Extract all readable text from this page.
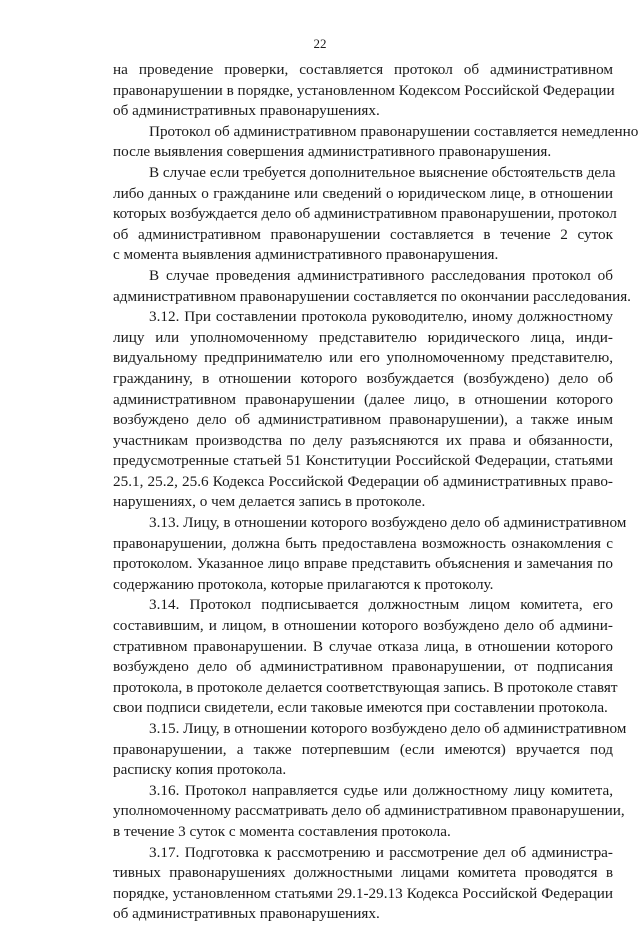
22
на проведение проверки, составляется протокол об административном
правонарушении в порядке, установленном Кодексом Российской Федерации
об административных правонарушениях.
Протокол об административном правонарушении составляется немедленно
после выявления совершения административного правонарушения.
В случае если требуется дополнительное выяснение обстоятельств дела
либо данных о гражданине или сведений о юридическом лице, в отношении
которых возбуждается дело об административном правонарушении, протокол
об административном правонарушении составляется в течение 2 суток
с момента выявления административного правонарушения.
В случае проведения административного расследования протокол об
административном правонарушении составляется по окончании расследования.
3.12. При составлении протокола руководителю, иному должностному
лицу или уполномоченному представителю юридического лица, инди-
видуальному предпринимателю или его уполномоченному представителю,
гражданину, в отношении которого возбуждается (возбуждено) дело об
административном правонарушении (далее лицо, в отношении которого
возбуждено дело об административном правонарушении), а также иным
участникам производства по делу разъясняются их права и обязанности,
предусмотренные статьей 51 Конституции Российской Федерации, статьями
25.1, 25.2, 25.6 Кодекса Российской Федерации об административных право-
нарушениях, о чем делается запись в протоколе.
3.13. Лицу, в отношении которого возбуждено дело об административном
правонарушении, должна быть предоставлена возможность ознакомления с
протоколом. Указанное лицо вправе представить объяснения и замечания по
содержанию протокола, которые прилагаются к протоколу.
3.14. Протокол подписывается должностным лицом комитета, его
составившим, и лицом, в отношении которого возбуждено дело об админи-
стративном правонарушении. В случае отказа лица, в отношении которого
возбуждено дело об административном правонарушении, от подписания
протокола, в протоколе делается соответствующая запись. В протоколе ставят
свои подписи свидетели, если таковые имеются при составлении протокола.
3.15. Лицу, в отношении которого возбуждено дело об административном
правонарушении, а также потерпевшим (если имеются) вручается под
расписку копия протокола.
3.16. Протокол направляется судье или должностному лицу комитета,
уполномоченному рассматривать дело об административном правонарушении,
в течение 3 суток с момента составления протокола.
3.17. Подготовка к рассмотрению и рассмотрение дел об администра-
тивных правонарушениях должностными лицами комитета проводятся в
порядке, установленном статьями 29.1-29.13 Кодекса Российской Федерации
об административных правонарушениях.
